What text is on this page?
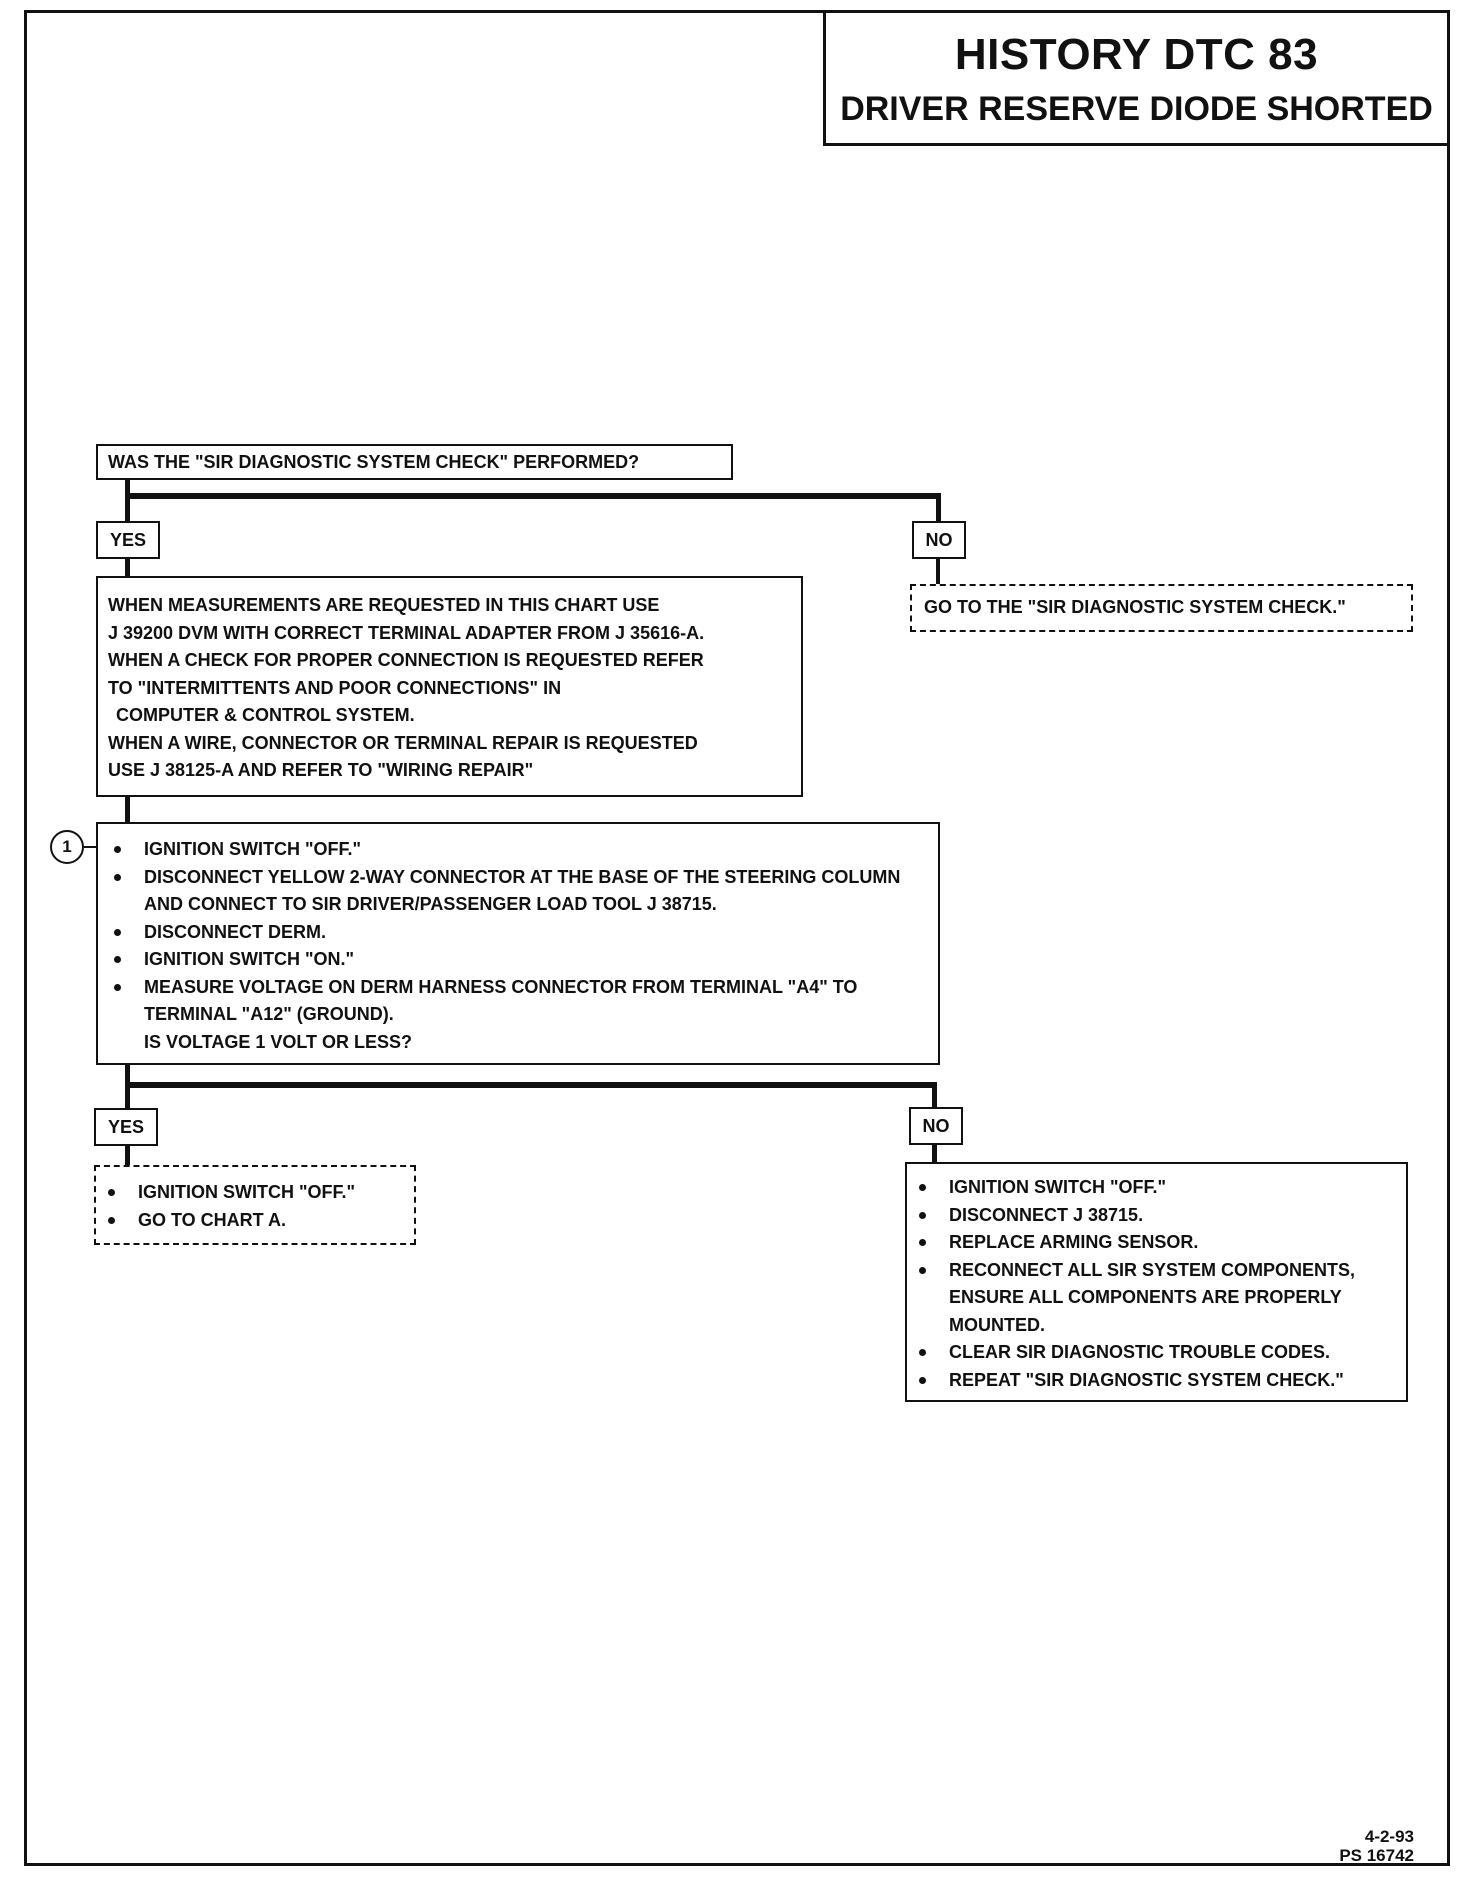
HISTORY DTC 83
DRIVER RESERVE DIODE SHORTED
WAS THE "SIR DIAGNOSTIC SYSTEM CHECK" PERFORMED?
YES	NO
GO TO THE "SIR DIAGNOSTIC SYSTEM CHECK."
WHEN MEASUREMENTS ARE REQUESTED IN THIS CHART USE
J 39200 DVM WITH CORRECT TERMINAL ADAPTER FROM J 35616-A.
WHEN A CHECK FOR PROPER CONNECTION IS REQUESTED REFER
TO "INTERMITTENTS AND POOR CONNECTIONS" IN
COMPUTER & CONTROL SYSTEM.
WHEN A WIRE, CONNECTOR OR TERMINAL REPAIR IS REQUESTED
USE J 38125-A AND REFER TO "WIRING REPAIR"
1	IGNITION SWITCH "OFF."
DISCONNECT YELLOW 2-WAY CONNECTOR AT THE BASE OF THE STEERING COLUMN AND CONNECT TO SIR DRIVER/PASSENGER LOAD TOOL J 38715.
DISCONNECT DERM.
IGNITION SWITCH "ON."
MEASURE VOLTAGE ON DERM HARNESS CONNECTOR FROM TERMINAL "A4" TO TERMINAL "A12" (GROUND).
IS VOLTAGE 1 VOLT OR LESS?
YES	NO
IGNITION SWITCH "OFF."
GO TO CHART A.
IGNITION SWITCH "OFF."
DISCONNECT J 38715.
REPLACE ARMING SENSOR.
RECONNECT ALL SIR SYSTEM COMPONENTS, ENSURE ALL COMPONENTS ARE PROPERLY MOUNTED.
CLEAR SIR DIAGNOSTIC TROUBLE CODES.
REPEAT "SIR DIAGNOSTIC SYSTEM CHECK."
4-2-93
PS 16742
